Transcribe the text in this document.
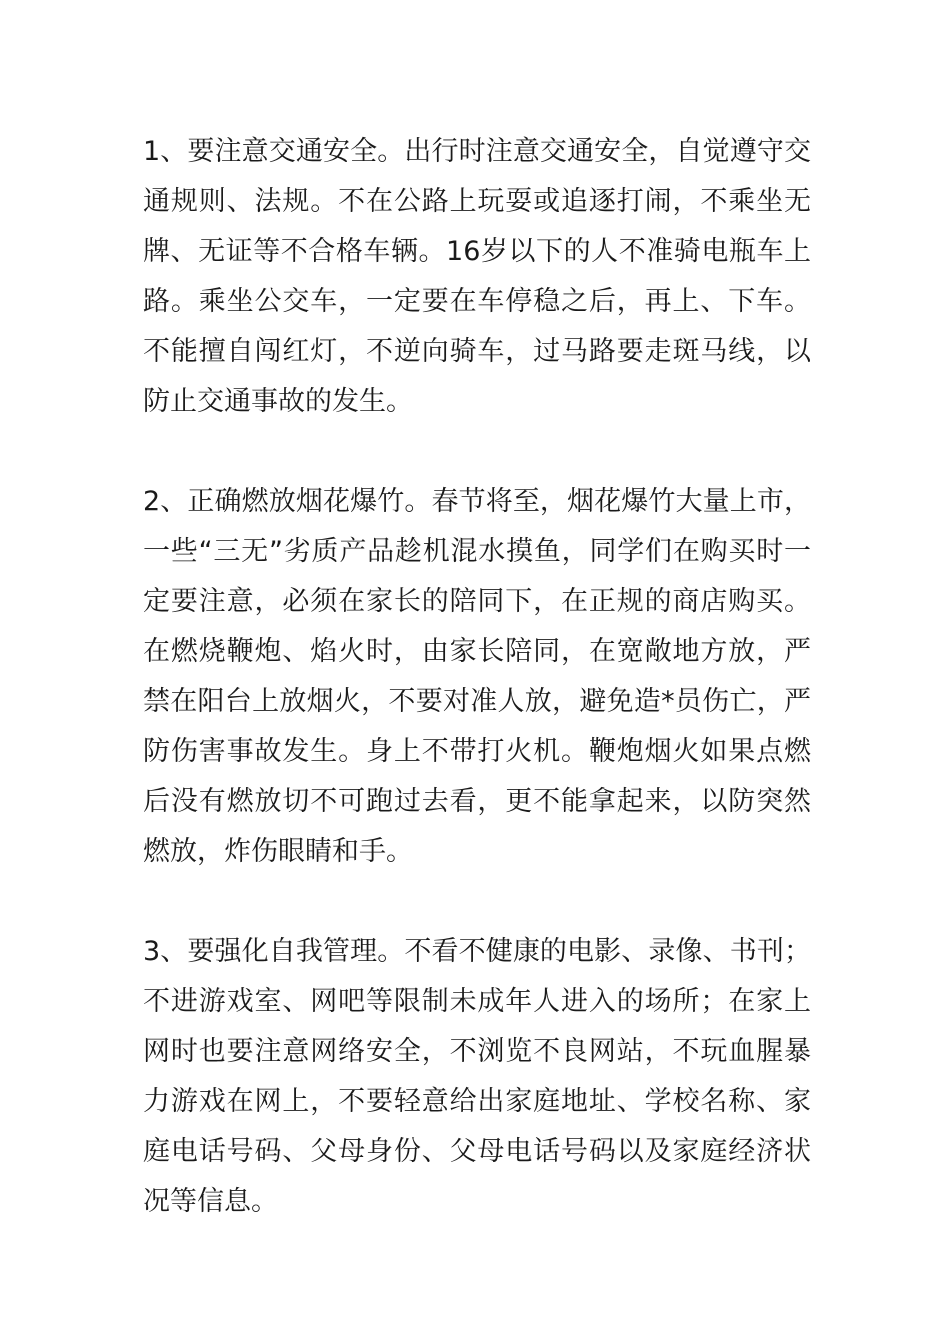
1、要注意交通安全。出行时注意交通安全，自觉遵守交通规则、法规。不在公路上玩耍或追逐打闹，不乘坐无牌、无证等不合格车辆。16岁以下的人不准骑电瓶车上路。乘坐公交车，一定要在车停稳之后，再上、下车。不能擅自闯红灯，不逆向骑车，过马路要走斑马线，以防止交通事故的发生。

2、正确燃放烟花爆竹。春节将至，烟花爆竹大量上市，一些“三无”劣质产品趁机混水摸鱼，同学们在购买时一定要注意，必须在家长的陪同下，在正规的商店购买。在燃烧鞭炮、焰火时，由家长陪同，在宽敞地方放，严禁在阳台上放烟火，不要对准人放，避免造*员伤亡，严防伤害事故发生。身上不带打火机。鞭炮烟火如果点燃后没有燃放切不可跑过去看，更不能拿起来，以防突然燃放，炸伤眼睛和手。

3、要强化自我管理。不看不健康的电影、录像、书刊；不进游戏室、网吧等限制未成年人进入的场所；在家上网时也要注意网络安全，不浏览不良网站，不玩血腥暴力游戏在网上，不要轻意给出家庭地址、学校名称、家庭电话号码、父母身份、父母电话号码以及家庭经济状况等信息。
